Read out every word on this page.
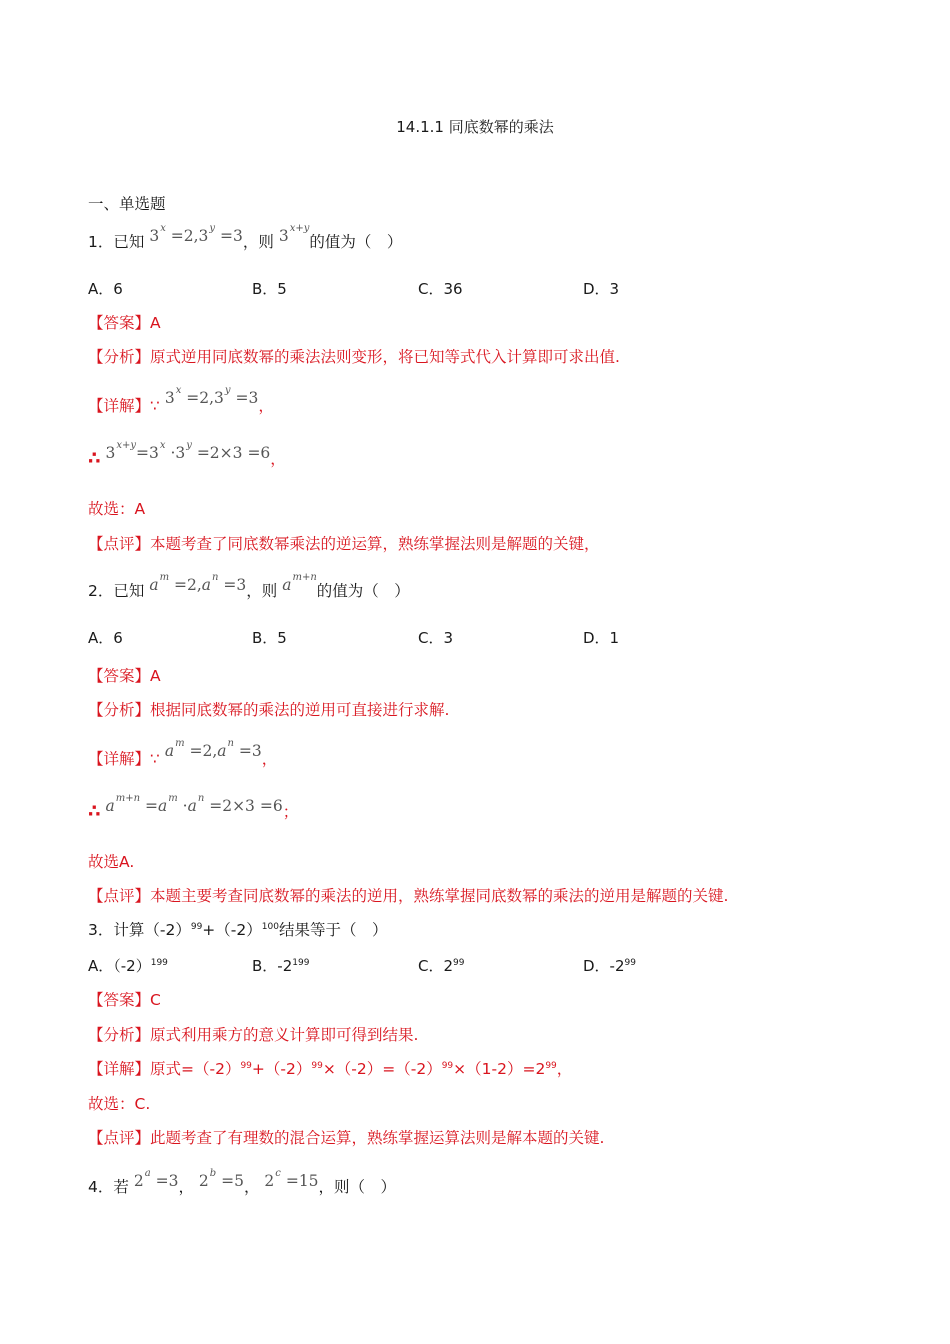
14.1.1 同底数幂的乘法
一、单选题
1．已知 $3^x =2,3^y =3$，则 $3^{x+y}$的值为（　）
A．6	B．5	C．36	D．3
【答案】A
【分析】原式逆用同底数幂的乘法法则变形，将已知等式代入计算即可求出值.
【详解】∵ $3^x =2,3^y =3$，
∴ $3^{x+y}=3^x \cdot 3^y =2\times 3 =6$，
故选：A
【点评】本题考查了同底数幂乘法的逆运算，熟练掌握法则是解题的关键，
2．已知 $a^m =2,a^n =3$，则 $a^{m+n}$的值为（　）
A．6	B．5	C．3	D．1
【答案】A
【分析】根据同底数幂的乘法的逆用可直接进行求解.
【详解】∵ $a^m =2,a^n =3$，
∴ $a^{m+n} =a^m \cdot a^n =2\times 3 =6$；
故选A.
【点评】本题主要考查同底数幂的乘法的逆用，熟练掌握同底数幂的乘法的逆用是解题的关键.
3．计算$(-2)^{99}+(-2)^{100}$结果等于（　）
A．$(-2)^{199}$	B．$-2^{199}$	C．$2^{99}$	D．$-2^{99}$
【答案】C
【分析】原式利用乘方的意义计算即可得到结果.
【详解】原式$=(-2)^{99}+(-2)^{99}\times(-2)=(-2)^{99}\times(1-2)=2^{99}$，
故选：C.
【点评】此题考查了有理数的混合运算，熟练掌握运算法则是解本题的关键.
4．若 $2^a =3$， $2^b =5$， $2^c =15$，则（　）
